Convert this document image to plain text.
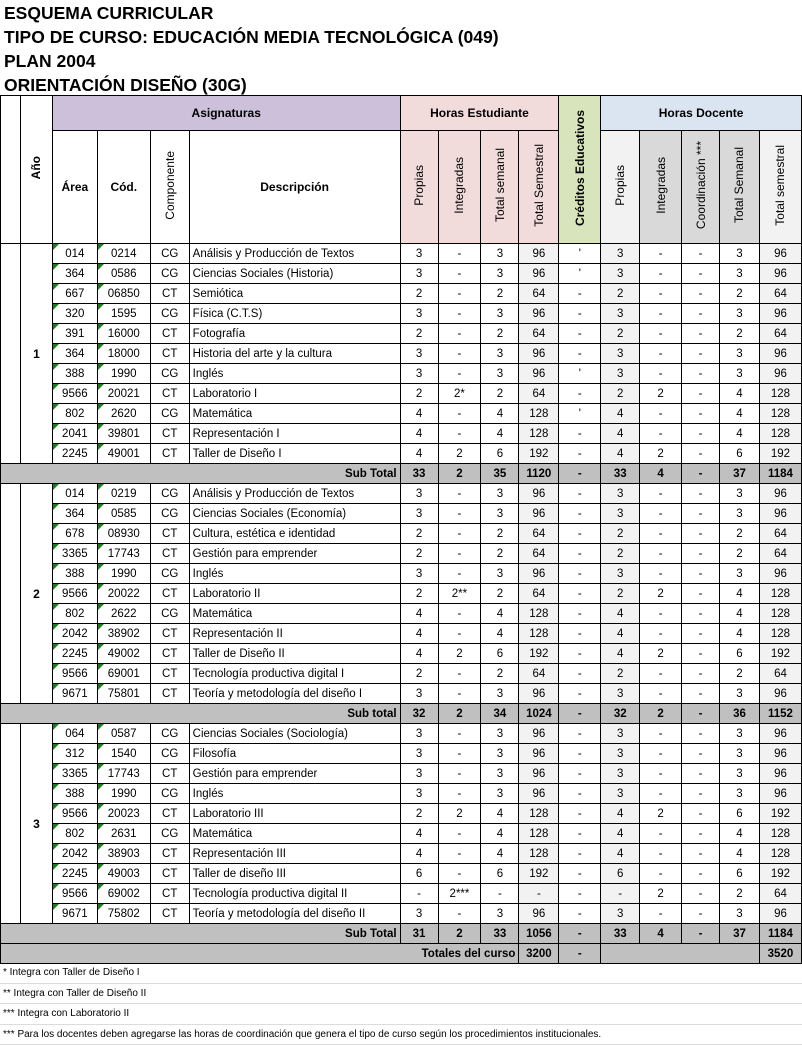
ESQUEMA CURRICULAR
TIPO DE CURSO: EDUCACIÓN MEDIA TECNOLÓGICA (049)
PLAN 2004
ORIENTACIÓN DISEÑO (30G)
	Año	Asignaturas				Horas Estudiante				Créditos Educativos	Horas Docente				
		Área	Cód.	Componente	Descripción	Propias	Integradas	Total semanal	Total Semestral		Propias	Integradas	Coordinación ***	Total Semanal	Total semestral
	1	014	0214	CG	Análisis y Producción de Textos	3	-	3	96	'	3	-	-	3	96
		364	0586	CG	Ciencias Sociales (Historia)	3	-	3	96	'	3	-	-	3	96
		667	06850	CT	Semiótica	2	-	2	64	-	2	-	-	2	64
		320	1595	CG	Física (C.T.S)	3	-	3	96	-	3	-	-	3	96
		391	16000	CT	Fotografía	2	-	2	64	-	2	-	-	2	64
		364	18000	CT	Historia del arte y la cultura	3	-	3	96	-	3	-	-	3	96
		388	1990	CG	Inglés	3	-	3	96	'	3	-	-	3	96
		9566	20021	CT	Laboratorio I	2	2*	2	64	-	2	2	-	4	128
		802	2620	CG	Matemática	4	-	4	128	'	4	-	-	4	128
		2041	39801	CT	Representación I	4	-	4	128	-	4	-	-	4	128
		2245	49001	CT	Taller de Diseño I	4	2	6	192	-	4	2	-	6	192
Sub Total						33	2	35	1120	-	33	4	-	37	1184
	2	014	0219	CG	Análisis y Producción de Textos	3	-	3	96	-	3	-	-	3	96
		364	0585	CG	Ciencias Sociales (Economía)	3	-	3	96	-	3	-	-	3	96
		678	08930	CT	Cultura, estética e identidad	2	-	2	64	-	2	-	-	2	64
		3365	17743	CT	Gestión para emprender	2	-	2	64	-	2	-	-	2	64
		388	1990	CG	Inglés	3	-	3	96	-	3	-	-	3	96
		9566	20022	CT	Laboratorio II	2	2**	2	64	-	2	2	-	4	128
		802	2622	CG	Matemática	4	-	4	128	-	4	-	-	4	128
		2042	38902	CT	Representación II	4	-	4	128	-	4	-	-	4	128
		2245	49002	CT	Taller de Diseño II	4	2	6	192	-	4	2	-	6	192
		9566	69001	CT	Tecnología productiva digital I	2	-	2	64	-	2	-	-	2	64
		9671	75801	CT	Teoría y metodología del diseño I	3	-	3	96	-	3	-	-	3	96
Sub total						32	2	34	1024	-	32	2	-	36	1152
	3	064	0587	CG	Ciencias Sociales (Sociología)	3	-	3	96	-	3	-	-	3	96
		312	1540	CG	Filosofía	3	-	3	96	-	3	-	-	3	96
		3365	17743	CT	Gestión para emprender	3	-	3	96	-	3	-	-	3	96
		388	1990	CG	Inglés	3	-	3	96	-	3	-	-	3	96
		9566	20023	CT	Laboratorio III	2	2	4	128	-	4	2	-	6	192
		802	2631	CG	Matemática	4	-	4	128	-	4	-	-	4	128
		2042	38903	CT	Representación III	4	-	4	128	-	4	-	-	4	128
		2245	49003	CT	Taller de diseño III	6	-	6	192	-	6	-	-	6	192
		9566	69002	CT	Tecnología productiva digital II	-	2***	-	-	-	-	2	-	2	64
		9671	75802	CT	Teoría y metodología del diseño II	3	-	3	96	-	3	-	-	3	96
Sub Total						31	2	33	1056	-	33	4	-	37	1184
Totales del curso									3200	-					3520
* Integra con Taller de Diseño I
** Integra con Taller de Diseño II
*** Integra con Laboratorio II
*** Para los docentes deben agregarse las horas de coordinación que genera el tipo de curso según los procedimientos institucionales.
